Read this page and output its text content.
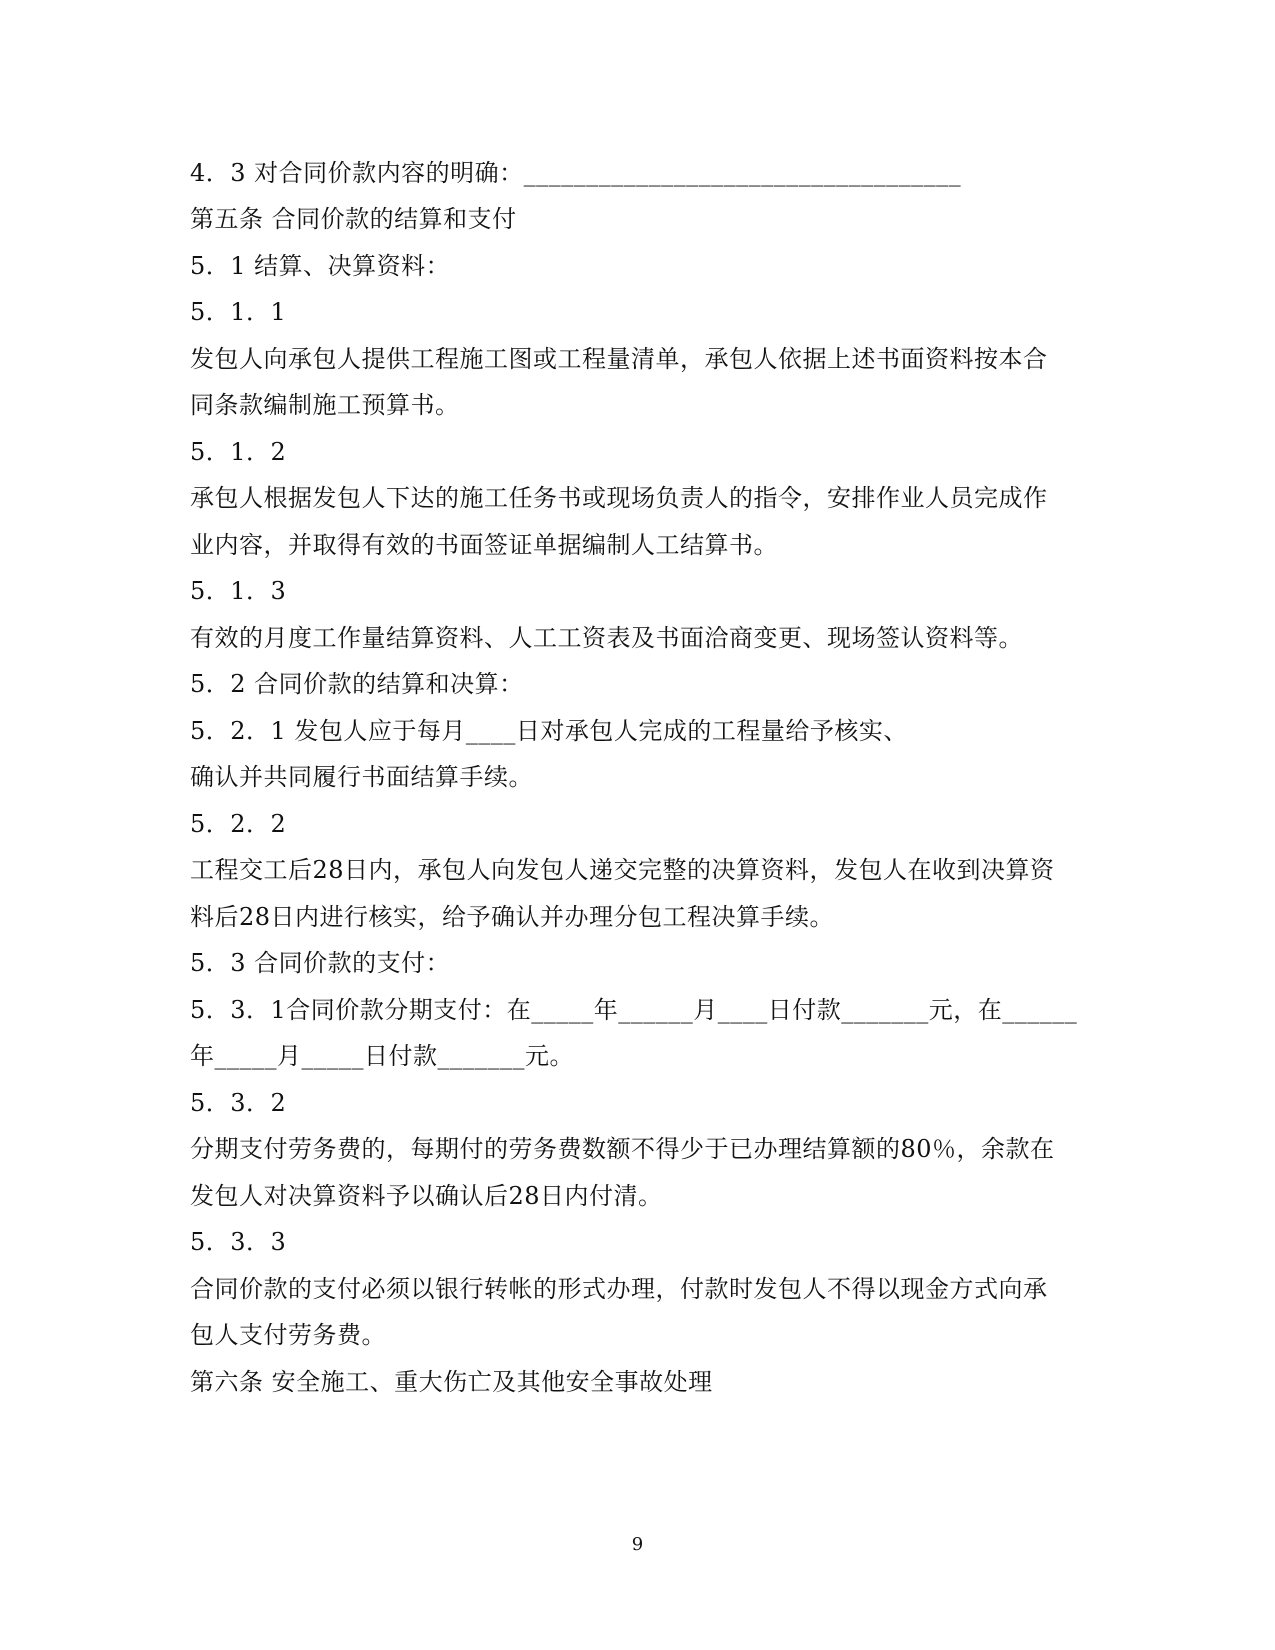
4．3 对合同价款内容的明确：___________________________________
第五条 合同价款的结算和支付
5．1 结算、决算资料：
5．1．1
发包人向承包人提供工程施工图或工程量清单，承包人依据上述书面资料按本合
同条款编制施工预算书。
5．1．2
承包人根据发包人下达的施工任务书或现场负责人的指令，安排作业人员完成作
业内容，并取得有效的书面签证单据编制人工结算书。
5．1．3
有效的月度工作量结算资料、人工工资表及书面洽商变更、现场签认资料等。
5．2 合同价款的结算和决算：
5．2．1 发包人应于每月____日对承包人完成的工程量给予核实、
确认并共同履行书面结算手续。
5．2．2
工程交工后28日内，承包人向发包人递交完整的决算资料，发包人在收到决算资
料后28日内进行核实，给予确认并办理分包工程决算手续。
5．3 合同价款的支付：
5．3．1合同价款分期支付：在_____年______月____日付款_______元，在______
年_____月_____日付款_______元。
5．3．2
分期支付劳务费的，每期付的劳务费数额不得少于已办理结算额的80％，余款在
发包人对决算资料予以确认后28日内付清。
5．3．3
合同价款的支付必须以银行转帐的形式办理，付款时发包人不得以现金方式向承
包人支付劳务费。
第六条 安全施工、重大伤亡及其他安全事故处理
9
